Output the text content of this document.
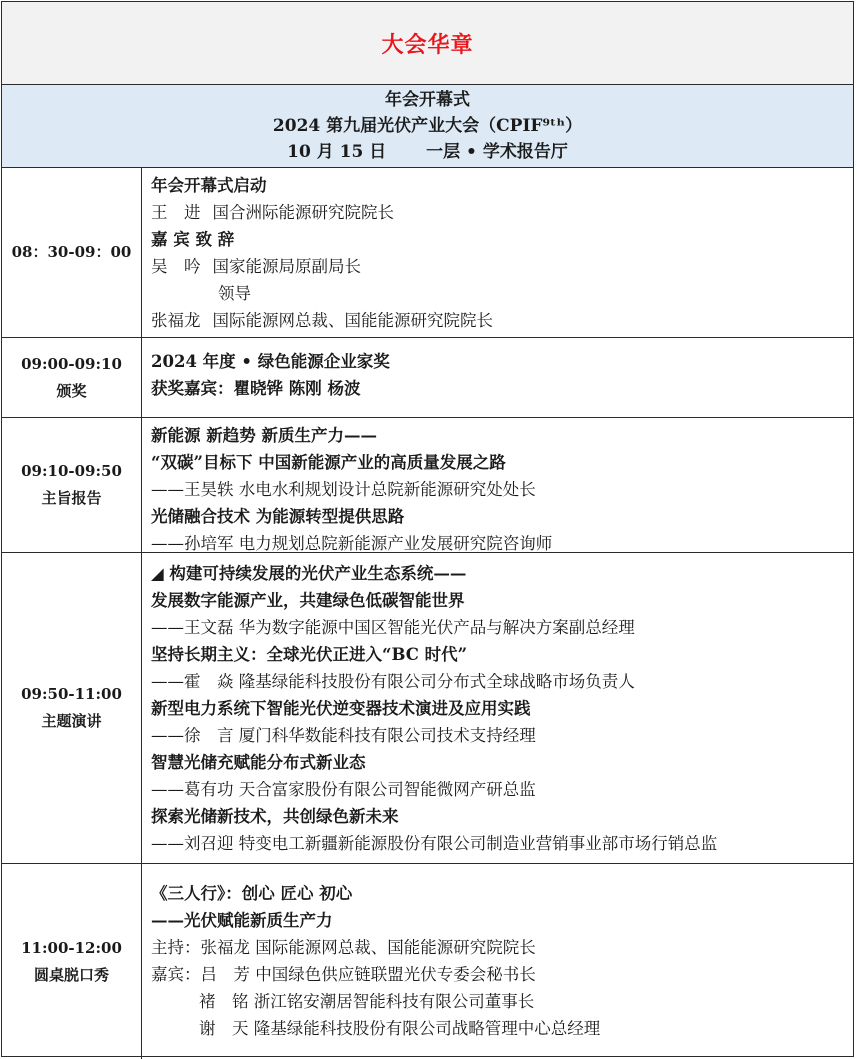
大会华章
年会开幕式
2024 第九届光伏产业大会（CPIF⁹ᵗʰ）
10 月 15 日 一层 • 学术报告厅
08：30-09：00
年会开幕式启动
王　进 国合洲际能源研究院院长
嘉 宾 致 辞
吴　吟 国家能源局原副局长
领导
张福龙 国际能源网总裁、国能能源研究院院长
09:00-09:10
颁奖
2024 年度 • 绿色能源企业家奖
获奖嘉宾：瞿晓铧 陈刚 杨波
09:10-09:50
主旨报告
新能源 新趋势 新质生产力——
“双碳”目标下 中国新能源产业的高质量发展之路
——王昊轶 水电水利规划设计总院新能源研究处处长
光储融合技术 为能源转型提供思路
——孙培军 电力规划总院新能源产业发展研究院咨询师
09:50-11:00
主题演讲
◢ 构建可持续发展的光伏产业生态系统——
发展数字能源产业，共建绿色低碳智能世界
——王文磊 华为数字能源中国区智能光伏产品与解决方案副总经理
坚持长期主义：全球光伏正进入“BC 时代”
——霍　焱 隆基绿能科技股份有限公司分布式全球战略市场负责人
新型电力系统下智能光伏逆变器技术演进及应用实践
——徐　言 厦门科华数能科技有限公司技术支持经理
智慧光储充赋能分布式新业态
——葛有功 天合富家股份有限公司智能微网产研总监
探索光储新技术，共创绿色新未来
——刘召迎 特变电工新疆新能源股份有限公司制造业营销事业部市场行销总监
11:00-12:00
圆桌脱口秀
《三人行》：创心 匠心 初心
——光伏赋能新质生产力
主持：张福龙 国际能源网总裁、国能能源研究院院长
嘉宾：吕　芳 中国绿色供应链联盟光伏专委会秘书长
褚　铭 浙江铭安潮居智能科技有限公司董事长
谢　天 隆基绿能科技股份有限公司战略管理中心总经理
